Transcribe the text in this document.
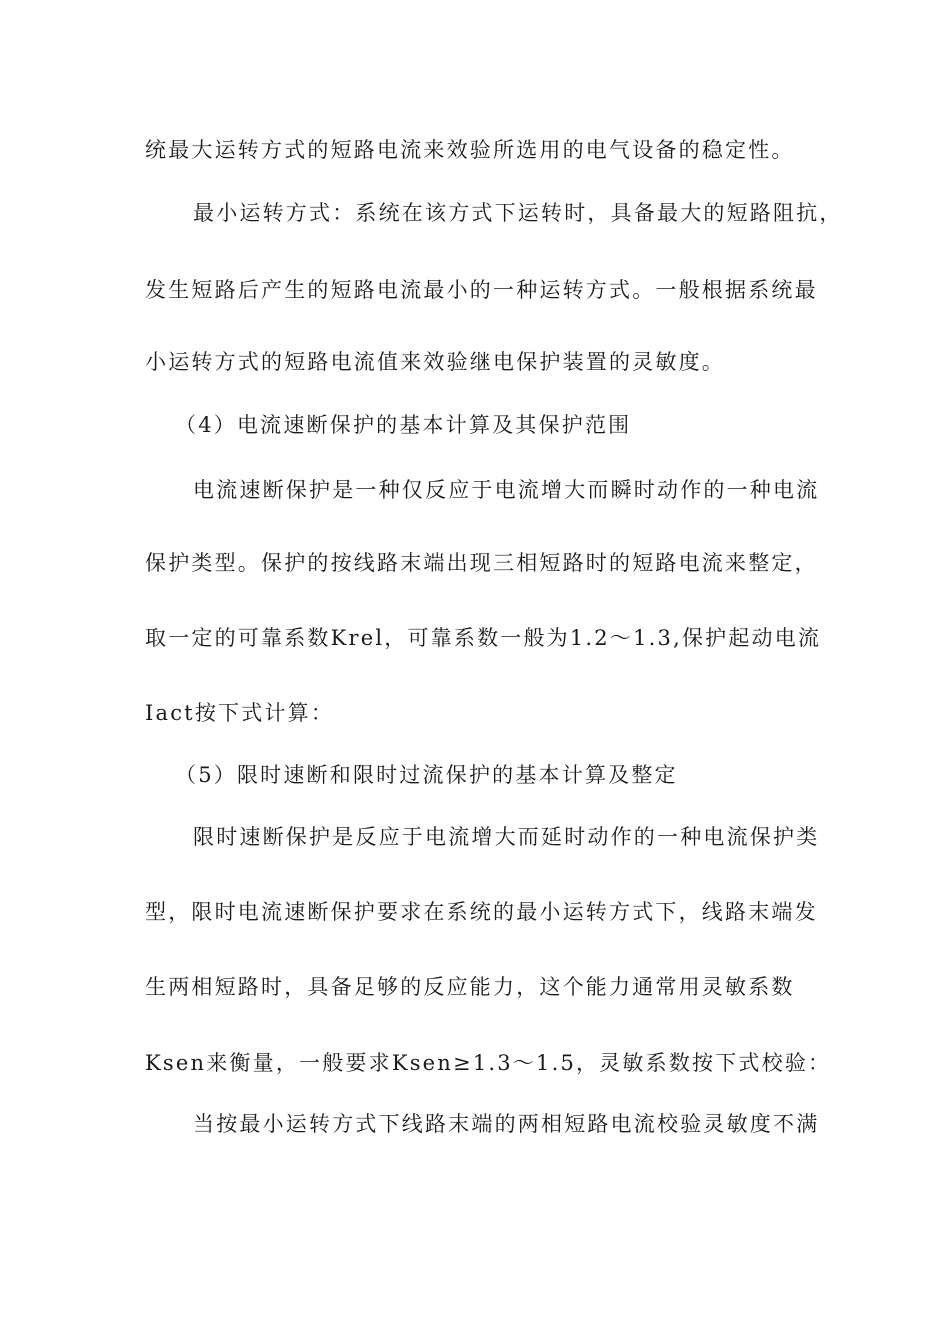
统最大运转方式的短路电流来效验所选用的电气设备的稳定性。
最小运转方式：系统在该方式下运转时，具备最大的短路阻抗，
发生短路后产生的短路电流最小的一种运转方式。一般根据系统最
小运转方式的短路电流值来效验继电保护装置的灵敏度。
（4）电流速断保护的基本计算及其保护范围
电流速断保护是一种仅反应于电流增大而瞬时动作的一种电流
保护类型。保护的按线路末端出现三相短路时的短路电流来整定，
取一定的可靠系数Krel，可靠系数一般为1.2～1.3,保护起动电流
Iact按下式计算：
（5）限时速断和限时过流保护的基本计算及整定
限时速断保护是反应于电流增大而延时动作的一种电流保护类
型，限时电流速断保护要求在系统的最小运转方式下，线路末端发
生两相短路时，具备足够的反应能力，这个能力通常用灵敏系数
Ksen来衡量，一般要求Ksen≥1.3～1.5，灵敏系数按下式校验：
当按最小运转方式下线路末端的两相短路电流校验灵敏度不满
